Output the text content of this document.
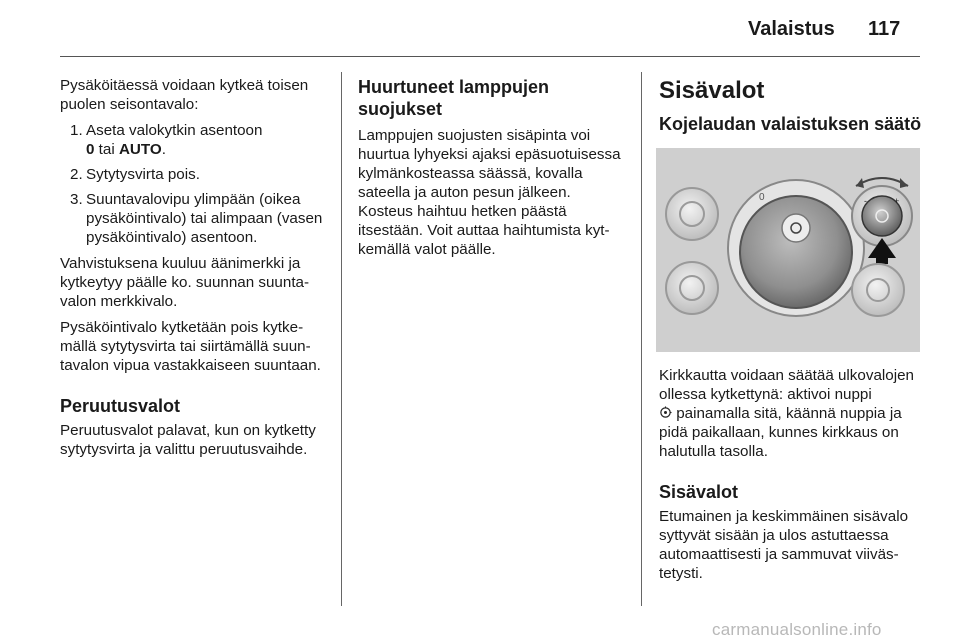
Valaistus 117

Pysäköitäessä voidaan kytkeä toisen puolen seisontavalo:

1. Aseta valokytkin asentoon
0 tai AUTO.
2. Sytytysvirta pois.
3. Suuntavalovipu ylimpään (oikea pysäköintivalo) tai alimpaan (vasen pysäköintivalo) asentoon.

Vahvistuksena kuuluu äänimerkki ja kytkeytyy päälle ko. suunnan suuntavalon merkkivalo.

Pysäköintivalo kytketään pois kytkemällä sytytysvirta tai siirtämällä suuntavalon vipua vastakkaiseen suuntaan.

Peruutusvalot

Peruutusvalot palavat, kun on kytketty sytytysvirta ja valittu peruutusvaihde.

Huurtuneet lamppujen suojukset

Lamppujen suojusten sisäpinta voi huurtua lyhyeksi ajaksi epäsuotuisessa kylmänkosteassa säässä, kovalla sateella ja auton pesun jälkeen. Kosteus haihtuu hetken päästä itsestään. Voit auttaa haihtumista kytkemällä valot päälle.

Sisävalot
Kojelaudan valaistuksen säätö
0	-	+

Kirkkautta voidaan säätää ulkovalojen ollessa kytkettynä: aktivoi nuppi
painamalla sitä, käännä nuppia ja pidä paikallaan, kunnes kirkkaus on halutulla tasolla.

Sisävalot

Etumainen ja keskimmäinen sisävalo syttyvät sisään ja ulos astuttaessa automaattisesti ja sammuvat viivästetysti.

carmanualsonline.info
